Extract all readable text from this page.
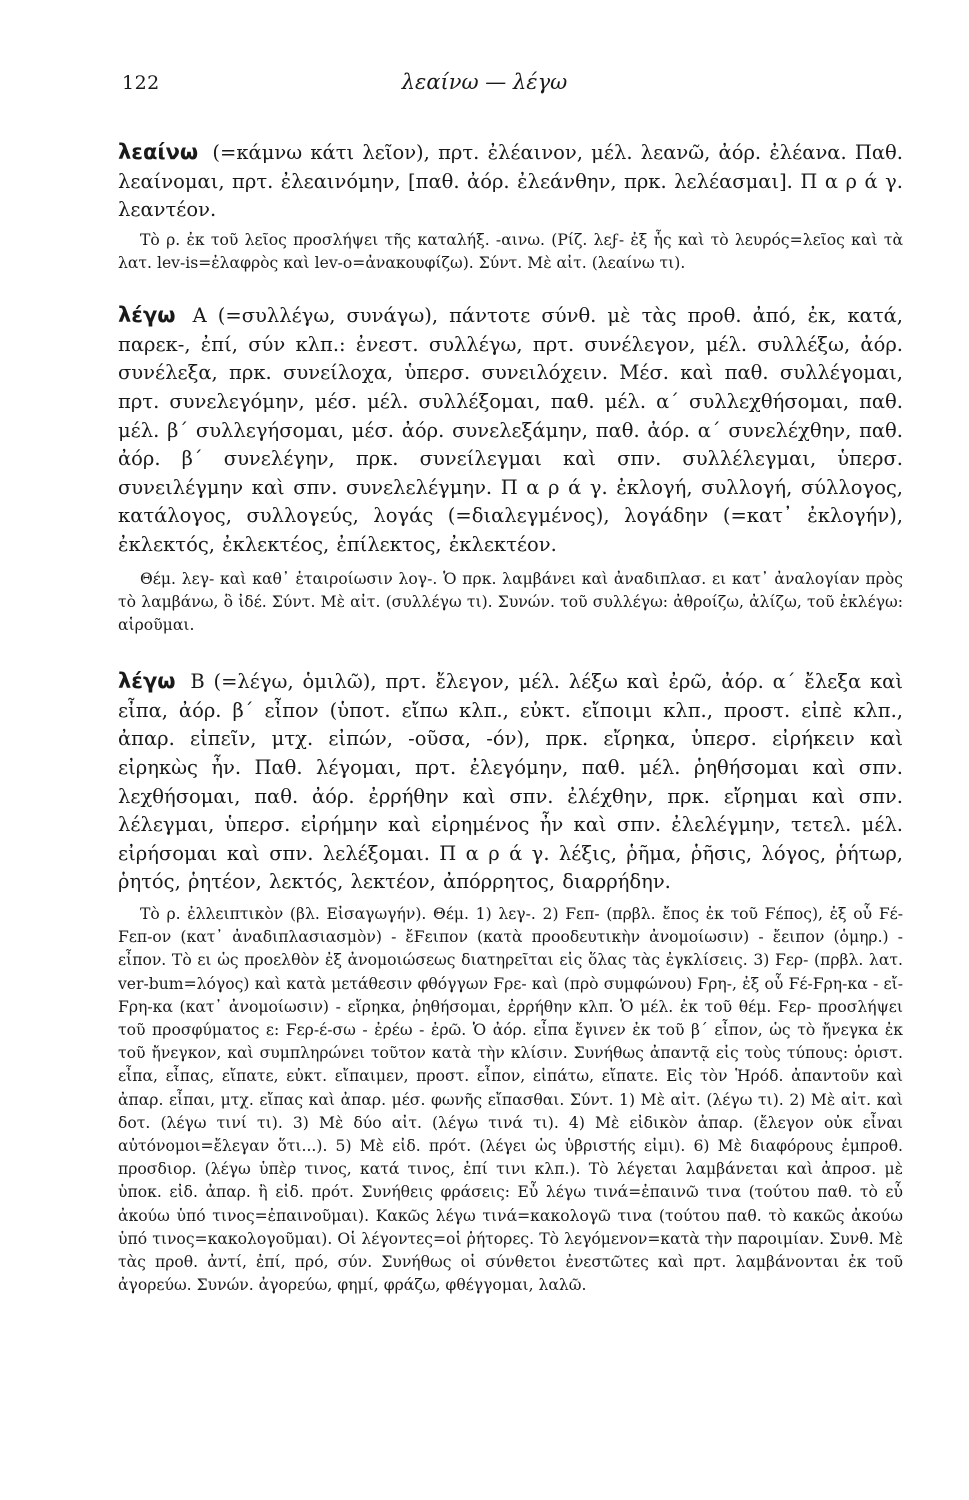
122	λεαίνω — λέγω

λεαίνω (=κάμνω κάτι λεῖον), πρτ. ἐλέαινον, μέλ. λεανῶ, ἀόρ. ἐλέανα. Παθ. λεαίνομαι, πρτ. ἐλεαινόμην, [παθ. ἀόρ. ἐλεάνθην, πρκ. λελέασμαι]. Π α ρ ά γ. λεαντέον.

Τὸ ρ. ἐκ τοῦ λεῖος προσλήψει τῆς καταλήξ. -αινω. (Ρίζ. λεϝ- ἐξ ἧς καὶ τὸ λευρός=λεῖος καὶ τὰ λατ. lev-is=ἐλαφρὸς καὶ lev-o=ἀνακουφίζω). Σύντ. Μὲ αἰτ. (λεαίνω τι).

λέγω Α (=συλλέγω, συνάγω), πάντοτε σύνθ. μὲ τὰς προθ. ἀπό, ἐκ, κατά, παρεκ-, ἐπί, σύν κλπ.: ἐνεστ. συλλέγω, πρτ. συνέλεγον, μέλ. συλλέξω, ἀόρ. συνέλεξα, πρκ. συνείλοχα, ὑπερσ. συνειλόχειν. Μέσ. καὶ παθ. συλλέγομαι, πρτ. συνελεγόμην, μέσ. μέλ. συλλέξομαι, παθ. μέλ. α΄ συλλεχθήσομαι, παθ. μέλ. β΄ συλλεγήσομαι, μέσ. ἀόρ. συνελεξάμην, παθ. ἀόρ. α΄ συνελέχθην, παθ. ἀόρ. β΄ συνελέγην, πρκ. συνείλεγμαι καὶ σπν. συλλέλεγμαι, ὑπερσ. συνειλέγμην καὶ σπν. συνελελέγμην. Π α ρ ά γ. ἐκλογή, συλλογή, σύλλογος, κατάλογος, συλλογεύς, λογάς (=διαλεγμένος), λογάδην (=κατ᾽ ἐκλογήν), ἐκλεκτός, ἐκλεκτέος, ἐπίλεκτος, ἐκλεκτέον.

Θέμ. λεγ- καὶ καθ᾽ ἑταιροίωσιν λογ-. Ὁ πρκ. λαμβάνει καὶ ἀναδιπλασ. ει κατ᾽ ἀναλογίαν πρὸς τὸ λαμβάνω, ὃ ἰδέ. Σύντ. Μὲ αἰτ. (συλλέγω τι). Συνών. τοῦ συλλέγω: ἀθροίζω, ἀλίζω, τοῦ ἐκλέγω: αἱροῦμαι.

λέγω Β (=λέγω, ὁμιλῶ), πρτ. ἔλεγον, μέλ. λέξω καὶ ἐρῶ, ἀόρ. α΄ ἔλεξα καὶ εἶπα, ἀόρ. β΄ εἶπον (ὑποτ. εἴπω κλπ., εὐκτ. εἴποιμι κλπ., προστ. εἰπὲ κλπ., ἀπαρ. εἰπεῖν, μτχ. εἰπών, -οῦσα, -όν), πρκ. εἴρηκα, ὑπερσ. εἰρήκειν καὶ εἰρηκὼς ἦν. Παθ. λέγομαι, πρτ. ἐλεγόμην, παθ. μέλ. ῥηθήσομαι καὶ σπν. λεχθήσομαι, παθ. ἀόρ. ἐρρήθην καὶ σπν. ἐλέχθην, πρκ. εἴρημαι καὶ σπν. λέλεγμαι, ὑπερσ. εἰρήμην καὶ εἰρημένος ἦν καὶ σπν. ἐλελέγμην, τετελ. μέλ. εἰρήσομαι καὶ σπν. λελέξομαι. Π α ρ ά γ. λέξις, ῥῆμα, ῥῆσις, λόγος, ῥήτωρ, ῥητός, ῥητέον, λεκτός, λεκτέον, ἀπόρρητος, διαρρήδην.

Τὸ ρ. ἐλλειπτικὸν (βλ. Εἰσαγωγήν). Θέμ. 1) λεγ-. 2) Ϝεπ- (πρβλ. ἔπος ἐκ τοῦ Ϝέπος), ἐξ οὗ Ϝέ-Ϝεπ-ον (κατ᾽ ἀναδιπλασιασμὸν) - ἔϜειπον (κατὰ προοδευτικὴν ἀνομοίωσιν) - ἔειπον (ὁμηρ.) - εἶπον. Τὸ ει ὡς προελθὸν ἐξ ἀνομοιώσεως διατηρεῖται εἰς ὅλας τὰς ἐγκλίσεις. 3) Ϝερ- (πρβλ. λατ. ver-bum=λόγος) καὶ κατὰ μετάθεσιν φθόγγων Ϝρε- καὶ (πρὸ συμφώνου) Ϝρη-, ἐξ οὗ Ϝέ-Ϝρη-κα - εἴ-Ϝρη-κα (κατ᾽ ἀνομοίωσιν) - εἴρηκα, ῥηθήσομαι, ἐρρήθην κλπ. Ὁ μέλ. ἐκ τοῦ θέμ. Ϝερ- προσλήψει τοῦ προσφύματος ε: Ϝερ-έ-σω - ἐρέω - ἐρῶ. Ὁ ἀόρ. εἶπα ἔγινεν ἐκ τοῦ β΄ εἶπον, ὡς τὸ ἤνεγκα ἐκ τοῦ ἤνεγκον, καὶ συμπληρώνει τοῦτον κατὰ τὴν κλίσιν. Συνήθως ἀπαντᾷ εἰς τοὺς τύπους: ὁριστ. εἶπα, εἶπας, εἴπατε, εὐκτ. εἴπαιμεν, προστ. εἶπον, εἰπάτω, εἴπατε. Εἰς τὸν Ἡρόδ. ἀπαντοῦν καὶ ἀπαρ. εἶπαι, μτχ. εἴπας καὶ ἀπαρ. μέσ. φωνῆς εἴπασθαι. Σύντ. 1) Μὲ αἰτ. (λέγω τι). 2) Μὲ αἰτ. καὶ δοτ. (λέγω τινί τι). 3) Μὲ δύο αἰτ. (λέγω τινά τι). 4) Μὲ εἰδικὸν ἀπαρ. (ἔλεγον οὐκ εἶναι αὐτόνομοι=ἔλεγαν ὅτι...). 5) Μὲ εἰδ. πρότ. (λέγει ὡς ὑβριστής εἰμι). 6) Μὲ διαφόρους ἐμπροθ. προσδιορ. (λέγω ὑπὲρ τινος, κατά τινος, ἐπί τινι κλπ.). Τὸ λέγεται λαμβάνεται καὶ ἀπροσ. μὲ ὑποκ. εἰδ. ἀπαρ. ἢ εἰδ. πρότ. Συνήθεις φράσεις: Εὖ λέγω τινά=ἐπαινῶ τινα (τούτου παθ. τὸ εὖ ἀκούω ὑπό τινος=ἐπαινοῦμαι). Κακῶς λέγω τινά=κακολογῶ τινα (τούτου παθ. τὸ κακῶς ἀκούω ὑπό τινος=κακολογοῦμαι). Οἱ λέγοντες=οἱ ῥήτορες. Τὸ λεγόμενον=κατὰ τὴν παροιμίαν. Συνθ. Μὲ τὰς προθ. ἀντί, ἐπί, πρό, σύν. Συνήθως οἱ σύνθετοι ἐνεστῶτες καὶ πρτ. λαμβάνονται ἐκ τοῦ ἀγορεύω. Συνών. ἀγορεύω, φημί, φράζω, φθέγγομαι, λαλῶ.
